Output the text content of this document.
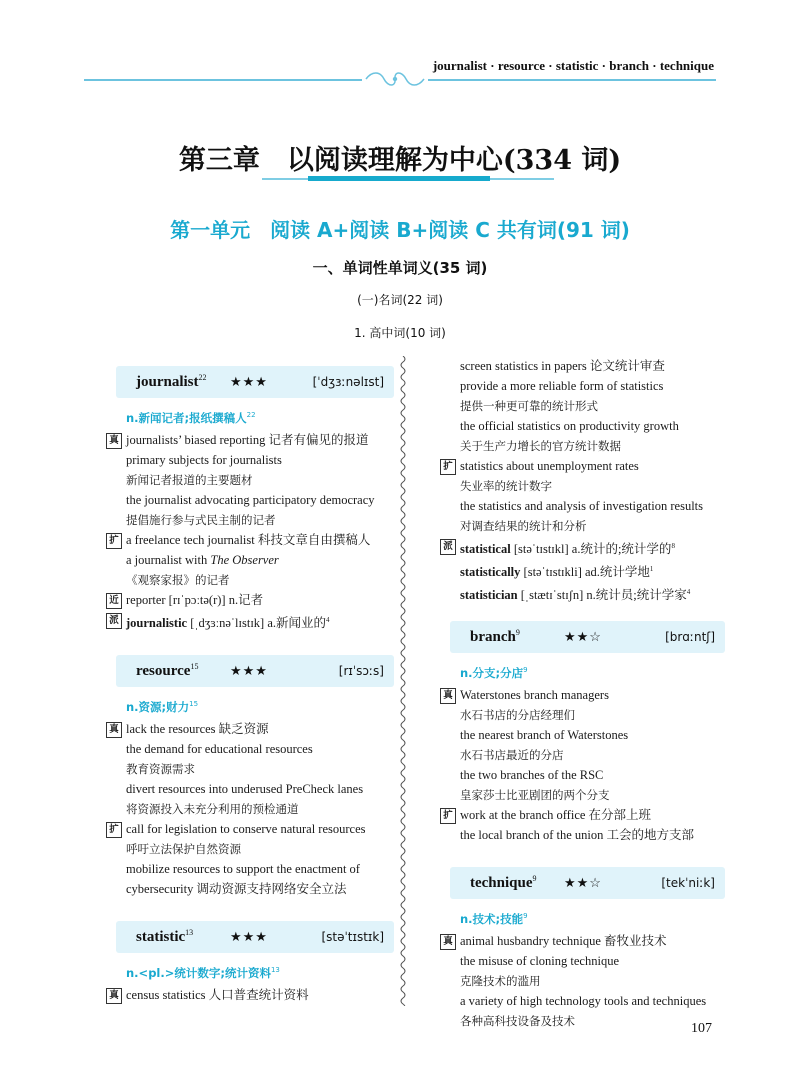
journalist · resource · statistic · branch · technique
第三章　以阅读理解为中心(334 词)
第一单元　阅读 A+阅读 B+阅读 C 共有词(91 词)
一、单词性单词义(35 词)
(一)名词(22 词)
1. 高中词(10 词)
journalist$^{22}$ ★★★	[ˈdʒɜːnəlɪst]
n.新闻记者;报纸撰稿人$^{22}$
真 journalists’ biased reporting 记者有偏见的报道
primary subjects for journalists
新闻记者报道的主要题材
the journalist advocating participatory democracy
提倡施行参与式民主制的记者
扩 a freelance tech journalist 科技文章自由撰稿人
a journalist with The Observer
《观察家报》的记者
近 reporter [rɪˈpɔːtə(r)] n.记者
派 journalistic [ˌdʒɜːnəˈlɪstɪk] a.新闻业的$^4$
resource$^{15}$ ★★★	[rɪˈsɔːs]
n.资源;财力$^{15}$
真 lack the resources 缺乏资源
the demand for educational resources
教育资源需求
divert resources into underused PreCheck lanes
将资源投入未充分利用的预检通道
扩 call for legislation to conserve natural resources
呼吁立法保护自然资源
mobilize resources to support the enactment of
cybersecurity 调动资源支持网络安全立法
statistic$^{13}$	★★★	[stəˈtɪstɪk]
n.<pl.>统计数字;统计资料$^{13}$
真 census statistics 人口普查统计资料
screen statistics in papers 论文统计审查
provide a more reliable form of statistics
提供一种更可靠的统计形式
the official statistics on productivity growth
关于生产力增长的官方统计数据
扩 statistics about unemployment rates
失业率的统计数字
the statistics and analysis of investigation results
对调查结果的统计和分析
派 statistical [stəˈtɪstɪkl] a.统计的;统计学的$^8$
statistically [stəˈtɪstɪkli] ad.统计学地$^1$
statistician [ˌstætɪˈstɪʃn] n.统计员;统计学家$^4$
branch$^9$	★★☆	[brɑːntʃ]
n.分支;分店$^9$
真 Waterstones branch managers
水石书店的分店经理们
the nearest branch of Waterstones
水石书店最近的分店
the two branches of the RSC
皇家莎士比亚剧团的两个分支
扩 work at the branch office 在分部上班
the local branch of the union 工会的地方支部
technique$^9$ ★★☆	[tekˈniːk]
n.技术;技能$^9$
真 animal husbandry technique 畜牧业技术
the misuse of cloning technique
克隆技术的滥用
a variety of high technology tools and techniques
各种高科技设备及技术	107
